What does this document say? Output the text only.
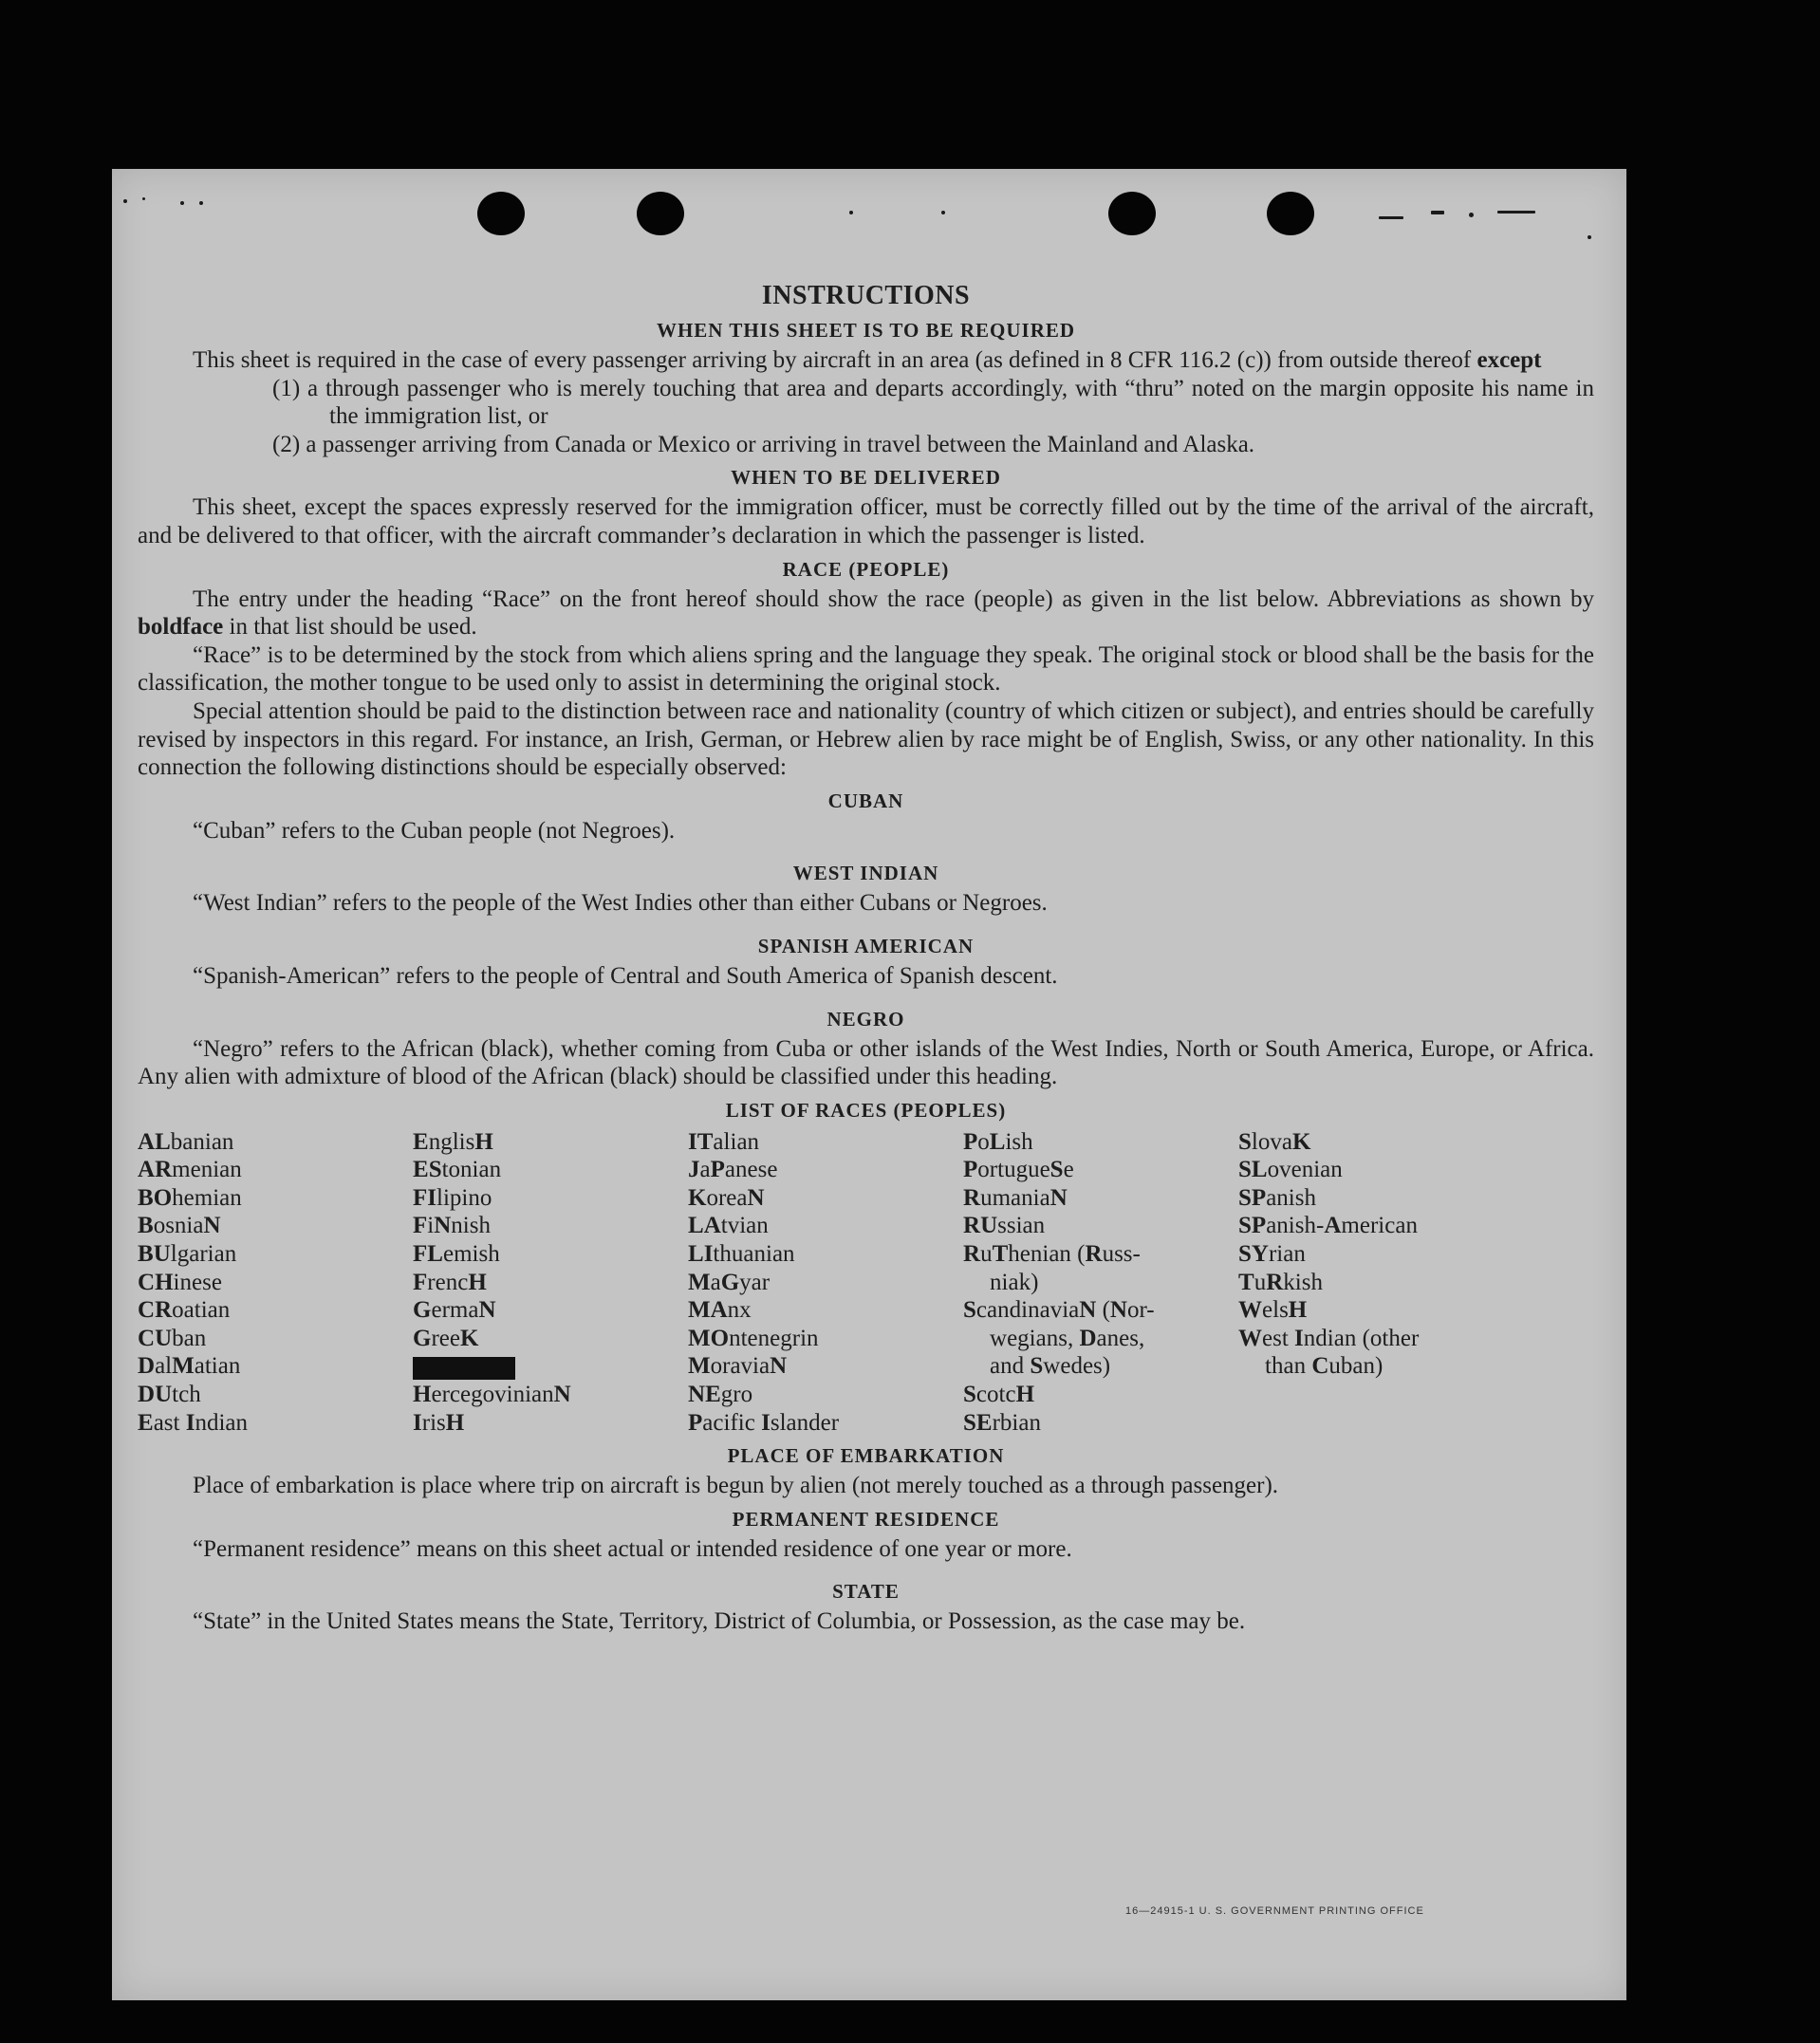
INSTRUCTIONS
WHEN THIS SHEET IS TO BE REQUIRED

This sheet is required in the case of every passenger arriving by aircraft in an area (as defined in 8 CFR 116.2 (c)) from outside thereof except

(1) a through passenger who is merely touching that area and departs accordingly, with “thru” noted on the margin opposite his name in the immigration list, or

(2) a passenger arriving from Canada or Mexico or arriving in travel between the Mainland and Alaska.

WHEN TO BE DELIVERED

This sheet, except the spaces expressly reserved for the immigration officer, must be correctly filled out by the time of the arrival of the aircraft, and be delivered to that officer, with the aircraft commander’s declaration in which the passenger is listed.

RACE (PEOPLE)

The entry under the heading “Race” on the front hereof should show the race (people) as given in the list below. Abbreviations as shown by boldface in that list should be used.

“Race” is to be determined by the stock from which aliens spring and the language they speak. The original stock or blood shall be the basis for the classification, the mother tongue to be used only to assist in determining the original stock.

Special attention should be paid to the distinction between race and nationality (country of which citizen or subject), and entries should be carefully revised by inspectors in this regard. For instance, an Irish, German, or Hebrew alien by race might be of English, Swiss, or any other nationality. In this connection the following distinctions should be especially observed:

CUBAN

“Cuban” refers to the Cuban people (not Negroes).

WEST INDIAN

“West Indian” refers to the people of the West Indies other than either Cubans or Negroes.

SPANISH AMERICAN

“Spanish-American” refers to the people of Central and South America of Spanish descent.

NEGRO

“Negro” refers to the African (black), whether coming from Cuba or other islands of the West Indies, North or South America, Europe, or Africa. Any alien with admixture of blood of the African (black) should be classified under this heading.

LIST OF RACES (PEOPLES)
ALbanian
ARmenian
BOhemian
BosniaN
BUlgarian
CHinese
CRoatian
CUban
DalMatian
DUtch
East Indian
EnglisH
EStonian
FIlipino
FiNnish
FLemish
FrencH
GermaN
GreeK
HercegovinianN
IrisH
ITalian
JaPanese
KoreaN
LAtvian
LIthuanian
MaGyar
MAnx
MOntenegrin
MoraviaN
NEgro
Pacific Islander
PoLish
PortugueSe
RumaniaN
RUssian
RuThenian (Russ-
niak)
ScandinaviaN (Nor-
wegians, Danes,
and Swedes)
ScotcH
SErbian
SlovaK
SLovenian
SPanish
SPanish-American
SYrian
TuRkish
WelsH
West Indian (other
than Cuban)
PLACE OF EMBARKATION

Place of embarkation is place where trip on aircraft is begun by alien (not merely touched as a through passenger).

PERMANENT RESIDENCE

“Permanent residence” means on this sheet actual or intended residence of one year or more.

STATE

“State” in the United States means the State, Territory, District of Columbia, or Possession, as the case may be.

16—24915-1 U. S. GOVERNMENT PRINTING OFFICE
